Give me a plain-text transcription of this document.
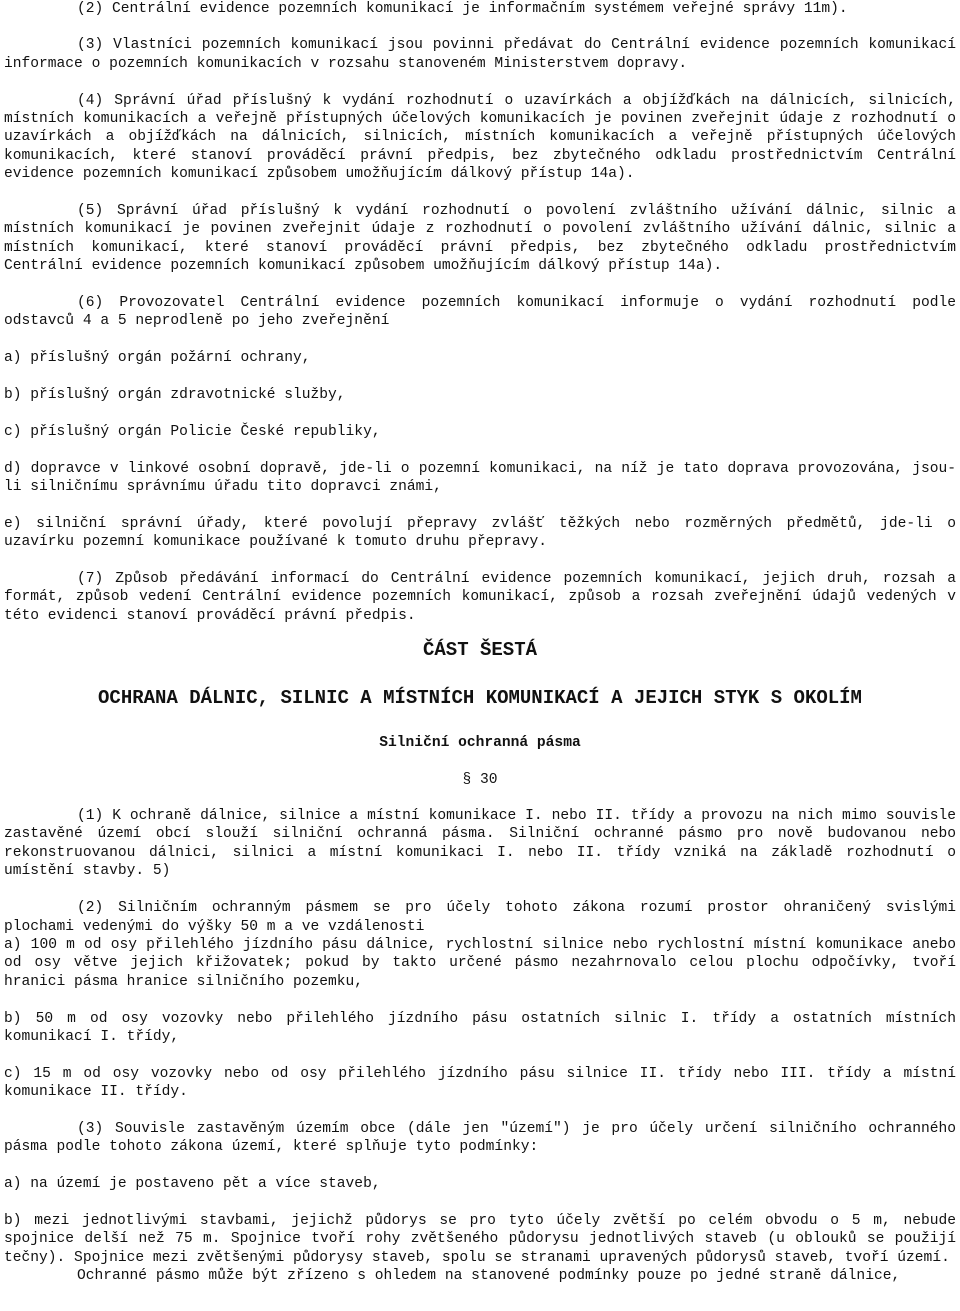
(2) Centrální evidence pozemních komunikací je informačním systémem veřejné správy 11m).

(3) Vlastníci pozemních komunikací jsou povinni předávat do Centrální evidence pozemních komunikací informace o pozemních komunikacích v rozsahu stanoveném Ministerstvem dopravy.

(4) Správní úřad příslušný k vydání rozhodnutí o uzavírkách a objížďkách na dálnicích, silnicích, místních komunikacích a veřejně přístupných účelových komunikacích je povinen zveřejnit údaje z rozhodnutí o uzavírkách a objížďkách na dálnicích, silnicích, místních komunikacích a veřejně přístupných účelových komunikacích, které stanoví prováděcí právní předpis, bez zbytečného odkladu prostřednictvím Centrální evidence pozemních komunikací způsobem umožňujícím dálkový přístup 14a).

(5) Správní úřad příslušný k vydání rozhodnutí o povolení zvláštního užívání dálnic, silnic a místních komunikací je povinen zveřejnit údaje z rozhodnutí o povolení zvláštního užívání dálnic, silnic a místních komunikací, které stanoví prováděcí právní předpis, bez zbytečného odkladu prostřednictvím Centrální evidence pozemních komunikací způsobem umožňujícím dálkový přístup 14a).

(6) Provozovatel Centrální evidence pozemních komunikací informuje o vydání rozhodnutí podle odstavců 4 a 5 neprodleně po jeho zveřejnění

a) příslušný orgán požární ochrany,

b) příslušný orgán zdravotnické služby,

c) příslušný orgán Policie České republiky,

d) dopravce v linkové osobní dopravě, jde-li o pozemní komunikaci, na níž je tato doprava provozována, jsou-li silničnímu správnímu úřadu tito dopravci známi,

e) silniční správní úřady, které povolují přepravy zvlášť těžkých nebo rozměrných předmětů, jde-li o uzavírku pozemní komunikace používané k tomuto druhu přepravy.

(7) Způsob předávání informací do Centrální evidence pozemních komunikací, jejich druh, rozsah a formát, způsob vedení Centrální evidence pozemních komunikací, způsob a rozsah zveřejnění údajů vedených v této evidenci stanoví prováděcí právní předpis.

ČÁST ŠESTÁ
OCHRANA DÁLNIC, SILNIC A MÍSTNÍCH KOMUNIKACÍ A JEJICH STYK S OKOLÍM
Silniční ochranná pásma
§ 30

(1) K ochraně dálnice, silnice a místní komunikace I. nebo II. třídy a provozu na nich mimo souvisle zastavěné území obcí slouží silniční ochranná pásma. Silniční ochranné pásmo pro nově budovanou nebo rekonstruovanou dálnici, silnici a místní komunikaci I. nebo II. třídy vzniká na základě rozhodnutí o umístění stavby. 5)

(2) Silničním ochranným pásmem se pro účely tohoto zákona rozumí prostor ohraničený svislými plochami vedenými do výšky 50 m a ve vzdálenosti

a) 100 m od osy přilehlého jízdního pásu dálnice, rychlostní silnice nebo rychlostní místní komunikace anebo od osy větve jejich křižovatek; pokud by takto určené pásmo nezahrnovalo celou plochu odpočívky, tvoří hranici pásma hranice silničního pozemku,

b) 50 m od osy vozovky nebo přilehlého jízdního pásu ostatních silnic I. třídy a ostatních místních komunikací I. třídy,

c) 15 m od osy vozovky nebo od osy přilehlého jízdního pásu silnice II. třídy nebo III. třídy a místní komunikace II. třídy.

(3) Souvisle zastavěným územím obce (dále jen "území") je pro účely určení silničního ochranného pásma podle tohoto zákona území, které splňuje tyto podmínky:

a) na území je postaveno pět a více staveb,

b) mezi jednotlivými stavbami, jejichž půdorys se pro tyto účely zvětší po celém obvodu o 5 m, nebude spojnice delší než 75 m. Spojnice tvoří rohy zvětšeného půdorysu jednotlivých staveb (u oblouků se použijí tečny). Spojnice mezi zvětšenými půdorysy staveb, spolu se stranami upravených půdorysů staveb, tvoří území.

Ochranné pásmo může být zřízeno s ohledem na stanovené podmínky pouze po jedné straně dálnice,
